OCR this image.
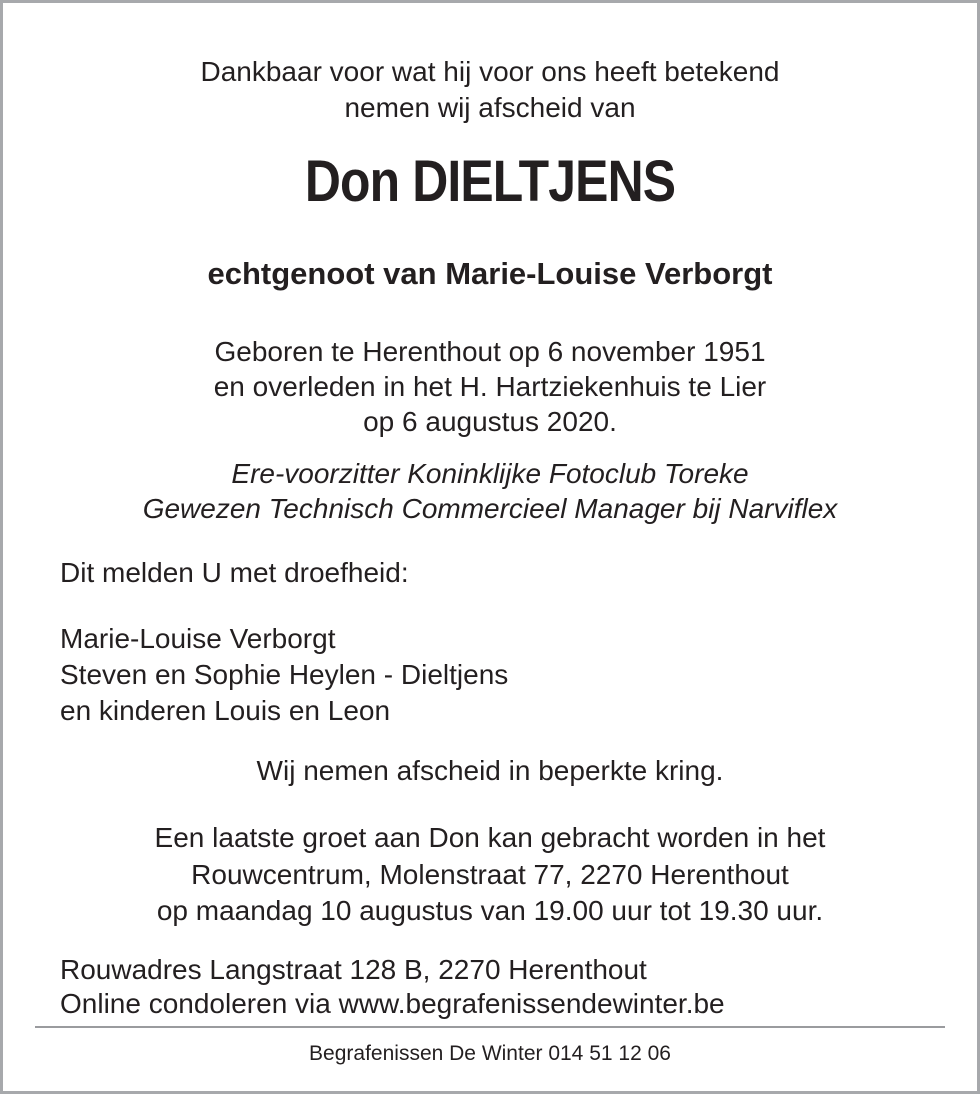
Dankbaar voor wat hij voor ons heeft betekend
nemen wij afscheid van
Don DIELTJENS
echtgenoot van Marie-Louise Verborgt
Geboren te Herenthout op 6 november 1951
en overleden in het H. Hartziekenhuis te Lier
op 6 augustus 2020.
Ere-voorzitter Koninklijke Fotoclub Toreke
Gewezen Technisch Commercieel Manager bij Narviflex
Dit melden U met droefheid:
Marie-Louise Verborgt
Steven en Sophie Heylen - Dieltjens
en kinderen Louis en Leon
Wij nemen afscheid in beperkte kring.
Een laatste groet aan Don kan gebracht worden in het
Rouwcentrum, Molenstraat 77, 2270 Herenthout
op maandag 10 augustus van 19.00 uur tot 19.30 uur.
Rouwadres Langstraat 128 B, 2270 Herenthout
Online condoleren via www.begrafenissendewinter.be
Begrafenissen De Winter 014 51 12 06
